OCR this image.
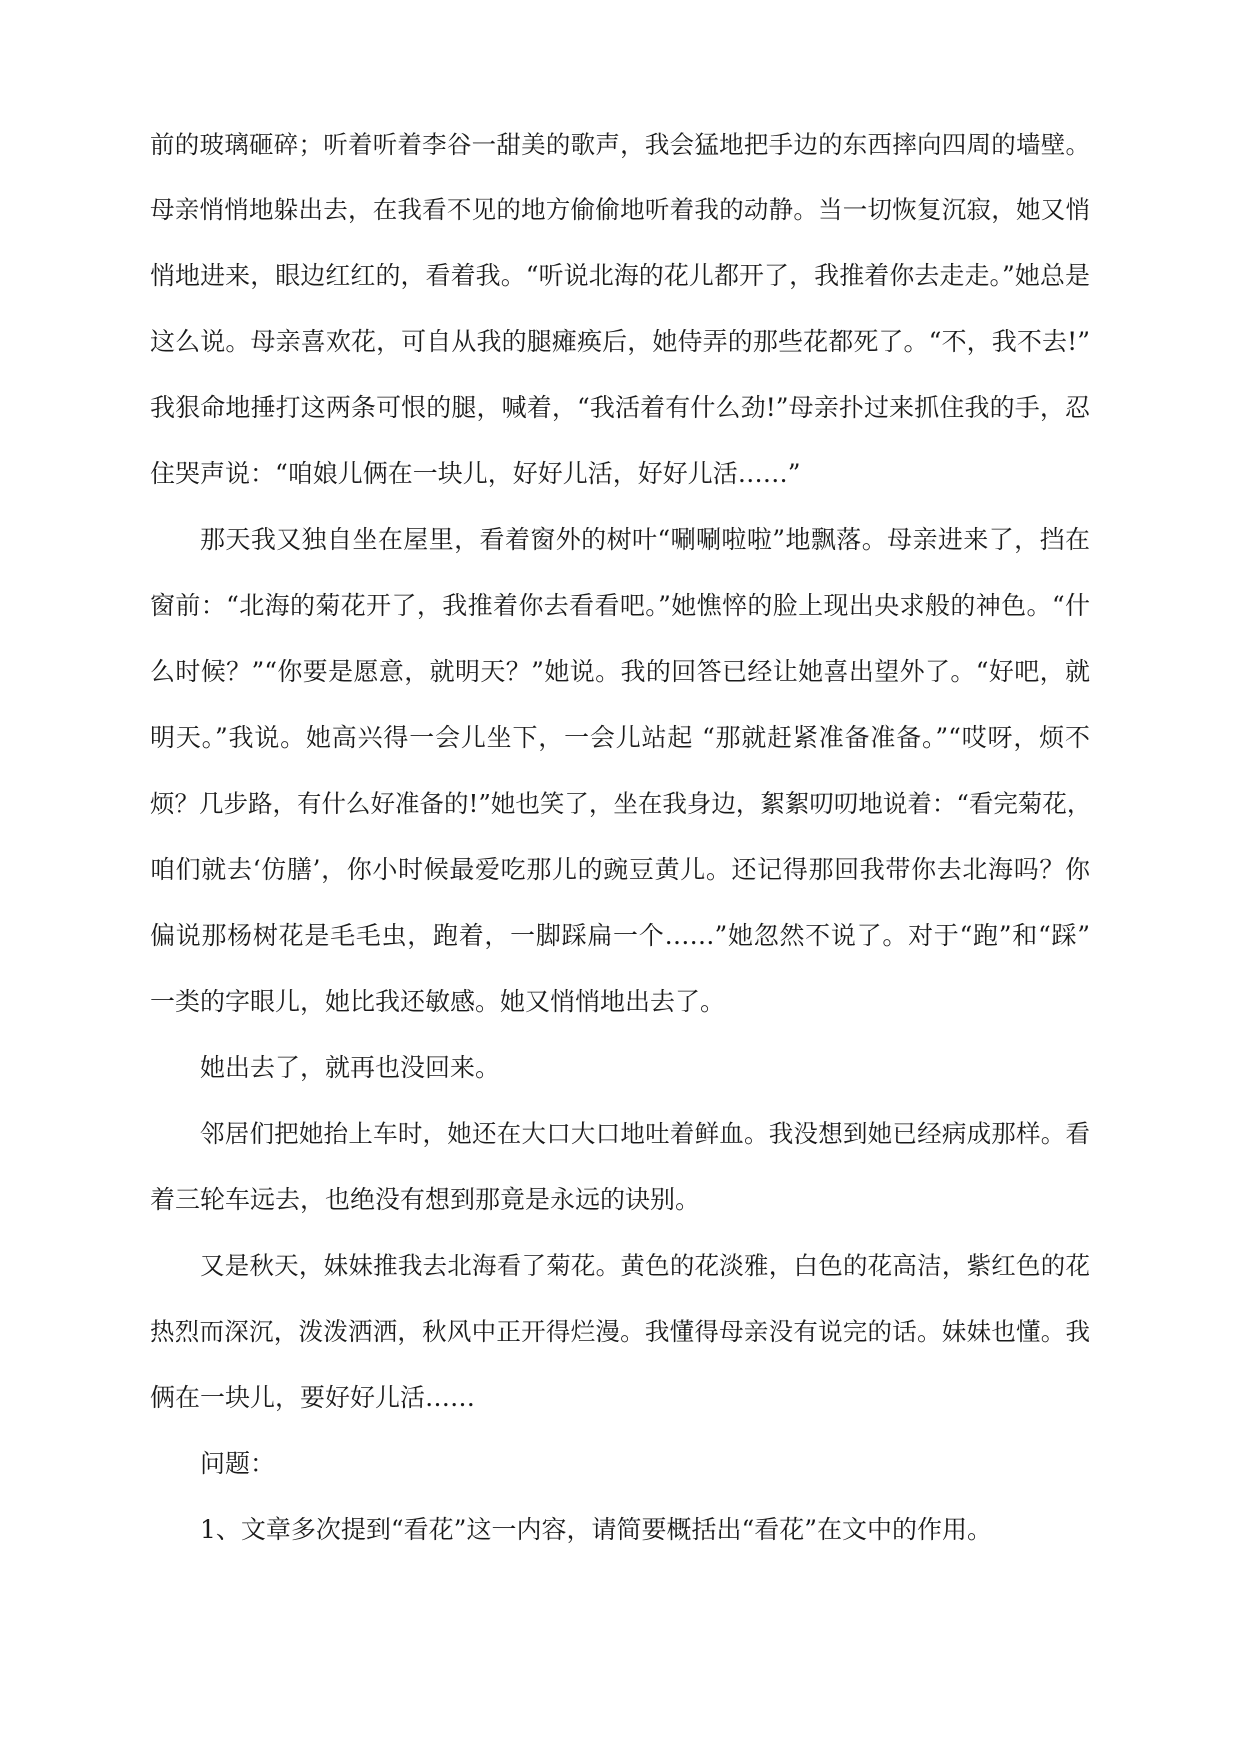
前的玻璃砸碎；听着听着李谷一甜美的歌声，我会猛地把手边的东西摔向四周的墙壁。
母亲悄悄地躲出去，在我看不见的地方偷偷地听着我的动静。当一切恢复沉寂，她又悄
悄地进来，眼边红红的，看着我。“听说北海的花儿都开了，我推着你去走走。”她总是
这么说。母亲喜欢花，可自从我的腿瘫痪后，她侍弄的那些花都死了。“不，我不去!”
我狠命地捶打这两条可恨的腿，喊着，“我活着有什么劲!”母亲扑过来抓住我的手，忍
住哭声说：“咱娘儿俩在一块儿，好好儿活，好好儿活……”
那天我又独自坐在屋里，看着窗外的树叶“唰唰啦啦”地飘落。母亲进来了，挡在
窗前：“北海的菊花开了，我推着你去看看吧。”她憔悴的脸上现出央求般的神色。“什
么时候？”“你要是愿意，就明天？”她说。我的回答已经让她喜出望外了。“好吧，就
明天。”我说。她高兴得一会儿坐下，一会儿站起 “那就赶紧准备准备。”“哎呀，烦不
烦？几步路，有什么好准备的!”她也笑了，坐在我身边，絮絮叨叨地说着：“看完菊花，
咱们就去‘仿膳’，你小时候最爱吃那儿的豌豆黄儿。还记得那回我带你去北海吗？你
偏说那杨树花是毛毛虫，跑着，一脚踩扁一个……”她忽然不说了。对于“跑”和“踩”
一类的字眼儿，她比我还敏感。她又悄悄地出去了。
她出去了，就再也没回来。
邻居们把她抬上车时，她还在大口大口地吐着鲜血。我没想到她已经病成那样。看
着三轮车远去，也绝没有想到那竟是永远的诀别。
又是秋天，妹妹推我去北海看了菊花。黄色的花淡雅，白色的花高洁，紫红色的花
热烈而深沉，泼泼洒洒，秋风中正开得烂漫。我懂得母亲没有说完的话。妹妹也懂。我
俩在一块儿，要好好儿活……
问题：
1、文章多次提到“看花”这一内容，请简要概括出“看花”在文中的作用。
